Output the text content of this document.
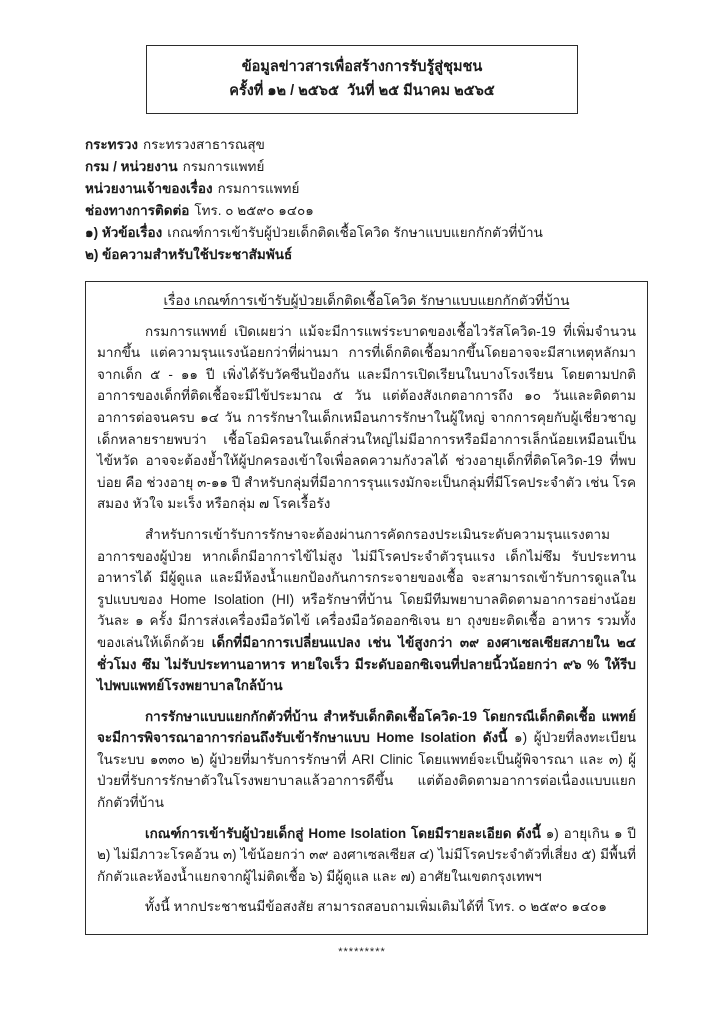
ข้อมูลข่าวสารเพื่อสร้างการรับรู้สู่ชุมชน
ครั้งที่ ๑๒ / ๒๕๖๕  วันที่ ๒๕ มีนาคม ๒๕๖๕
กระทรวง กระทรวงสาธารณสุข
กรม / หน่วยงาน กรมการแพทย์
หน่วยงานเจ้าของเรื่อง กรมการแพทย์
ช่องทางการติดต่อ โทร. ๐ ๒๕๙๐ ๑๔๐๑
๑) หัวข้อเรื่อง เกณฑ์การเข้ารับผู้ป่วยเด็กติดเชื้อโควิด รักษาแบบแยกกักตัวที่บ้าน
๒) ข้อความสำหรับใช้ประชาสัมพันธ์
เรื่อง เกณฑ์การเข้ารับผู้ป่วยเด็กติดเชื้อโควิด รักษาแบบแยกกักตัวที่บ้าน

กรมการแพทย์ เปิดเผยว่า แม้จะมีการแพร่ระบาดของเชื้อไวรัสโควิด-19 ที่เพิ่มจำนวนมากขึ้น แต่ความรุนแรงน้อยกว่าที่ผ่านมา การที่เด็กติดเชื้อมากขึ้นโดยอาจจะมีสาเหตุหลักมาจากเด็ก ๕ - ๑๑ ปี เพิ่งได้รับวัคซีนป้องกัน และมีการเปิดเรียนในบางโรงเรียน โดยตามปกติอาการของเด็กที่ติดเชื้อจะมีไข้ประมาณ ๕ วัน แต่ต้องสังเกตอาการถึง ๑๐ วันและติดตามอาการต่อจนครบ ๑๔ วัน การรักษาในเด็กเหมือนการรักษาในผู้ใหญ่ จากการคุยกับผู้เชี่ยวชาญเด็กหลายรายพบว่า เชื้อโอมิครอนในเด็กส่วนใหญ่ไม่มีอาการหรือมีอาการเล็กน้อยเหมือนเป็นไข้หวัด อาจจะต้องย้ำให้ผู้ปกครองเข้าใจเพื่อลดความกังวลได้ ช่วงอายุเด็กที่ติดโควิด-19 ที่พบบ่อย คือ ช่วงอายุ ๓-๑๑ ปี สำหรับกลุ่มที่มีอาการรุนแรงมักจะเป็นกลุ่มที่มีโรคประจำตัว เช่น โรคสมอง หัวใจ มะเร็ง หรือกลุ่ม ๗ โรคเรื้อรัง

สำหรับการเข้ารับการรักษาจะต้องผ่านการคัดกรองประเมินระดับความรุนแรงตามอาการของผู้ป่วย หากเด็กมีอาการไข้ไม่สูง ไม่มีโรคประจำตัวรุนแรง เด็กไม่ซึม รับประทานอาหารได้ มีผู้ดูแล และมีห้องน้ำแยกป้องกันการกระจายของเชื้อ จะสามารถเข้ารับการดูแลในรูปแบบของ Home Isolation (HI) หรือรักษาที่บ้าน โดยมีทีมพยาบาลติดตามอาการอย่างน้อย วันละ ๑ ครั้ง มีการส่งเครื่องมือวัดไข้ เครื่องมือวัดออกซิเจน ยา ถุงขยะติดเชื้อ อาหาร รวมทั้งของเล่นให้เด็กด้วย เด็กที่มีอาการเปลี่ยนแปลง เช่น ไข้สูงกว่า ๓๙ องศาเซลเซียสภายใน ๒๔ ชั่วโมง ซึม ไม่รับประทานอาหาร หายใจเร็ว มีระดับออกซิเจนที่ปลายนิ้วน้อยกว่า ๙๖ % ให้รีบไปพบแพทย์โรงพยาบาลใกล้บ้าน

การรักษาแบบแยกกักตัวที่บ้าน สำหรับเด็กติดเชื้อโควิด-19 โดยกรณีเด็กติดเชื้อ แพทย์จะมีการพิจารณาอาการก่อนถึงรับเข้ารักษาแบบ Home Isolation ดังนี้ ๑) ผู้ป่วยที่ลงทะเบียนในระบบ ๑๓๓๐ ๒) ผู้ป่วยที่มารับการรักษาที่ ARI Clinic โดยแพทย์จะเป็นผู้พิจารณา และ ๓) ผู้ป่วยที่รับการรักษาตัวในโรงพยาบาลแล้วอาการดีขึ้น แต่ต้องติดตามอาการต่อเนื่องแบบแยกกักตัวที่บ้าน

เกณฑ์การเข้ารับผู้ป่วยเด็กสู่ Home Isolation โดยมีรายละเอียด ดังนี้ ๑) อายุเกิน ๑ ปี ๒) ไม่มีภาวะโรคอ้วน ๓) ไข้น้อยกว่า ๓๙ องศาเซลเซียส ๔) ไม่มีโรคประจำตัวที่เสี่ยง ๕) มีพื้นที่กักตัวและห้องน้ำแยกจากผู้ไม่ติดเชื้อ ๖) มีผู้ดูแล และ ๗) อาศัยในเขตกรุงเทพฯ

ทั้งนี้ หากประชาชนมีข้อสงสัย สามารถสอบถามเพิ่มเติมได้ที่ โทร. ๐ ๒๕๙๐ ๑๔๐๑

*********
